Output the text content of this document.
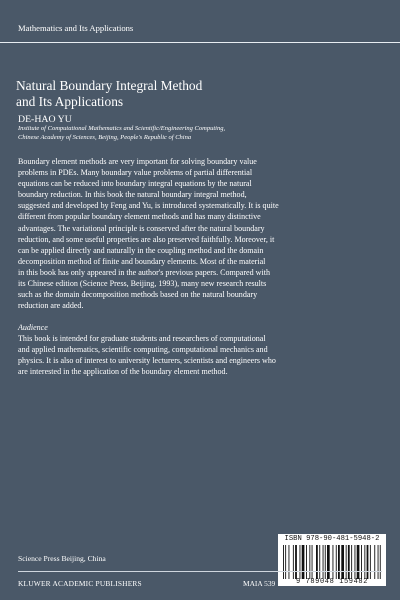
Mathematics and Its Applications
Natural Boundary Integral Method
and Its Applications
DE-HAO YU
Institute of Computational Mathematics and Scientific/Engineering Computing,
Chinese Academy of Sciences, Beijing, People's Republic of China
Boundary element methods are very important for solving boundary value
problems in PDEs. Many boundary value problems of partial differential
equations can be reduced into boundary integral equations by the natural
boundary reduction. In this book the natural boundary integral method,
suggested and developed by Feng and Yu, is introduced systematically. It is quite
different from popular boundary element methods and has many distinctive
advantages. The variational principle is conserved after the natural boundary
reduction, and some useful properties are also preserved faithfully. Moreover, it
can be applied directly and naturally in the coupling method and the domain
decomposition method of finite and boundary elements. Most of the material
in this book has only appeared in the author's previous papers. Compared with
its Chinese edition (Science Press, Beijing, 1993), many new research results
such as the domain decomposition methods based on the natural boundary
reduction are added.
Audience
This book is intended for graduate students and researchers of computational
and applied mathematics, scientific computing, computational mechanics and
physics. It is also of interest to university lecturers, scientists and engineers who
are interested in the application of the boundary element method.
ISBN 978-90-481-5948-2
9 789048 159482
Science Press Beijing, China
KLUWER ACADEMIC PUBLISHERS	MAIA 539
